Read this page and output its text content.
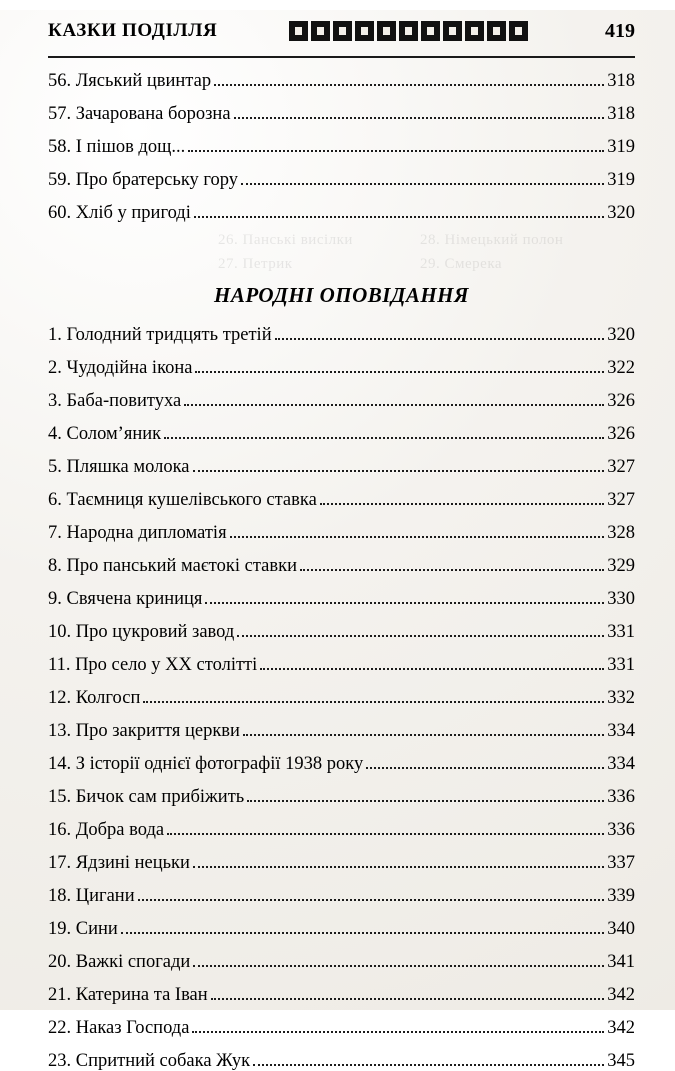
КАЗКИ ПОДІЛЛЯ	419
56. Ляський цвинтар	318
57. Зачарована борозна	318
58. І пішов дощ...	319
59. Про братерську гору	319
60. Хліб у пригоді	320
НАРОДНІ ОПОВІДАННЯ
1. Голодний тридцять третій	320
2. Чудодійна ікона	322
3. Баба-повитуха	326
4. Солом’яник	326
5. Пляшка молока	327
6. Таємниця кушелівського ставка	327
7. Народна дипломатія	328
8. Про панський маєтокі ставки	329
9. Свячена криниця	330
10. Про цукровий завод	331
11. Про село у XX столітті	331
12. Колгосп	332
13. Про закриття церкви	334
14. З історії однієї фотографії 1938 року	334
15. Бичок сам прибіжить	336
16. Добра вода	336
17. Ядзині нецьки	337
18. Цигани	339
19. Сини	340
20. Важкі спогади	341
21. Катерина та Іван	342
22. Наказ Господа	342
23. Спритний собака Жук	345
26. Панські висілки
27. Петрик
28. Німецький полон
29. Смерека
